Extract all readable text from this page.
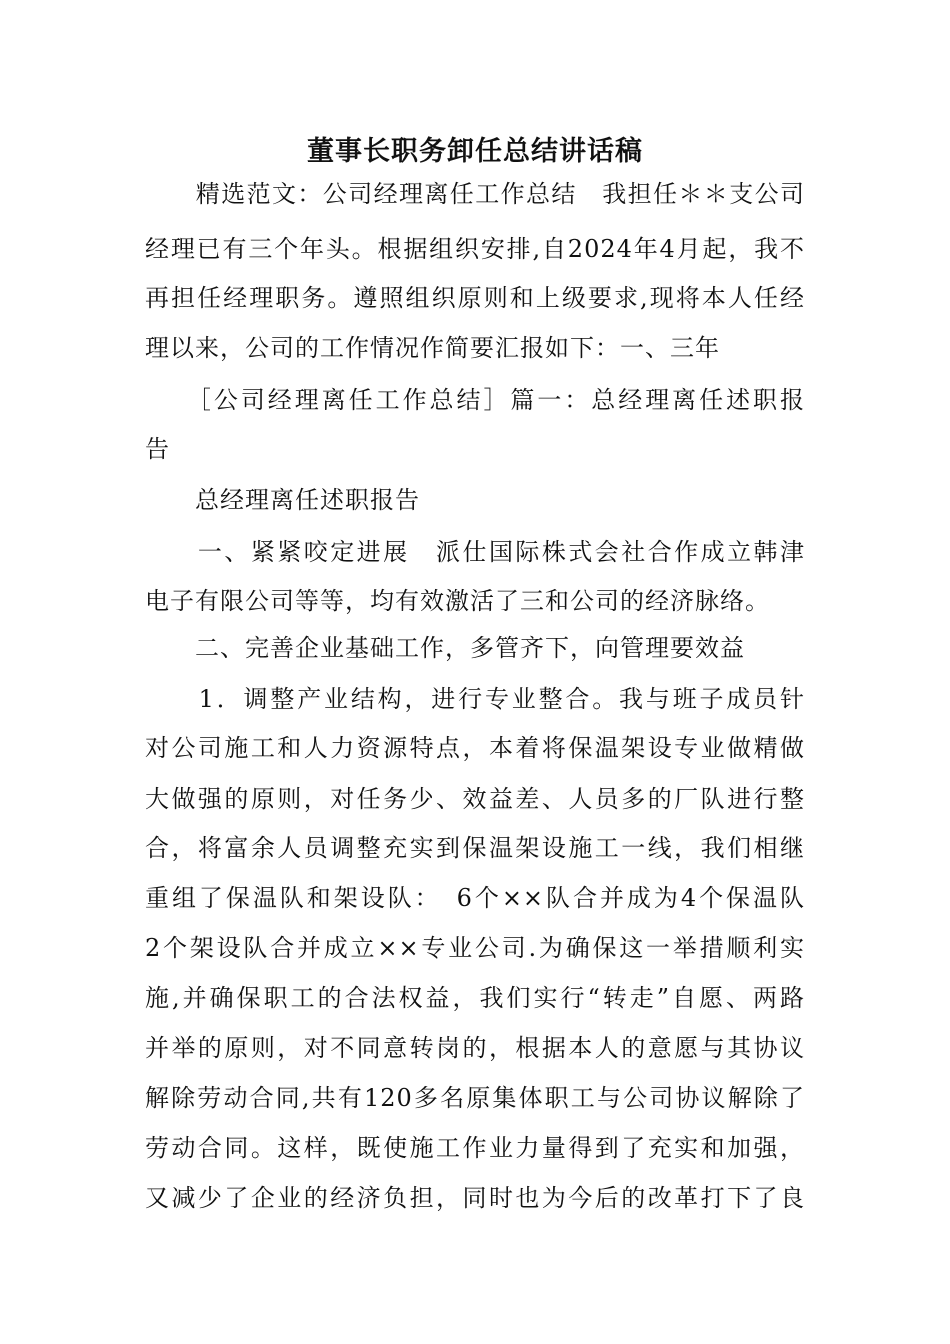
董事长职务卸任总结讲话稿
　　精选范文：公司经理离任工作总结　我担任＊＊支公司
经理已有三个年头。根据组织安排,自2024年4月起，我不
再担任经理职务。遵照组织原则和上级要求,现将本人任经
理以来，公司的工作情况作简要汇报如下：一、三年
　　［公司经理离任工作总结］篇一：总经理离任述职报
告
　　总经理离任述职报告
　　一、紧紧咬定进展　派仕国际株式会社合作成立韩津
电子有限公司等等，均有效激活了三和公司的经济脉络。
　　二、完善企业基础工作，多管齐下，向管理要效益
　　1．调整产业结构，进行专业整合。我与班子成员针
对公司施工和人力资源特点，本着将保温架设专业做精做
大做强的原则，对任务少、效益差、人员多的厂队进行整
合，将富余人员调整充实到保温架设施工一线，我们相继
重组了保温队和架设队：　6个××队合并成为4个保温队
2个架设队合并成立××专业公司.为确保这一举措顺利实
施,并确保职工的合法权益，我们实行“转走”自愿、两路
并举的原则，对不同意转岗的，根据本人的意愿与其协议
解除劳动合同,共有120多名原集体职工与公司协议解除了
劳动合同。这样，既使施工作业力量得到了充实和加强，
又减少了企业的经济负担，同时也为今后的改革打下了良
